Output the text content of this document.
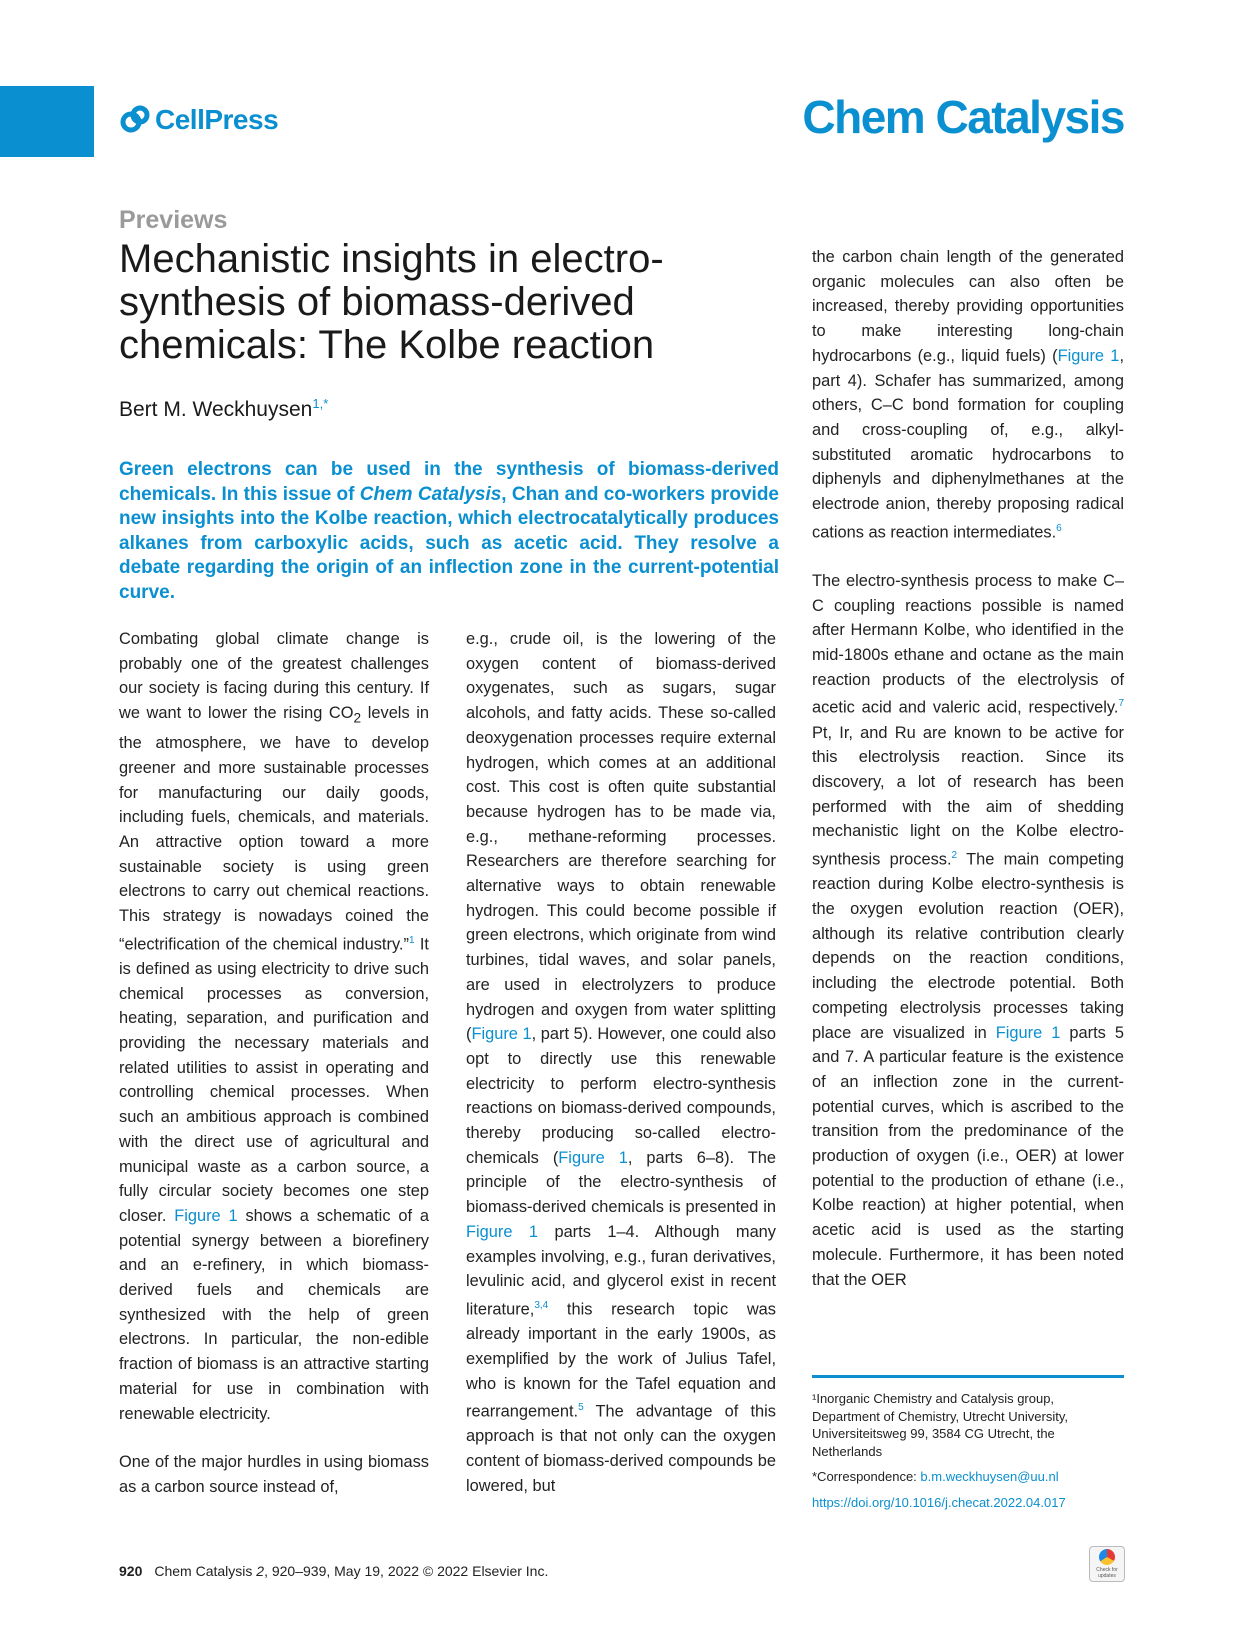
CellPress	Chem Catalysis
Previews
Mechanistic insights in electro-synthesis of biomass-derived chemicals: The Kolbe reaction
Bert M. Weckhuysen$^{1,*}$

Green electrons can be used in the synthesis of biomass-derived chemicals. In this issue of Chem Catalysis, Chan and co-workers provide new insights into the Kolbe reaction, which electrocatalytically produces alkanes from carboxylic acids, such as acetic acid. They resolve a debate regarding the origin of an inflection zone in the current-potential curve.

Combating global climate change is probably one of the greatest challenges our society is facing during this century. If we want to lower the rising $CO_2$ levels in the atmosphere, we have to develop greener and more sustainable processes for manufacturing our daily goods, including fuels, chemicals, and materials. An attractive option toward a more sustainable society is using green electrons to carry out chemical reactions. This strategy is nowadays coined the “electrification of the chemical industry.”$^1$ It is defined as using electricity to drive such chemical processes as conversion, heating, separation, and purification and providing the necessary materials and related utilities to assist in operating and controlling chemical processes. When such an ambitious approach is combined with the direct use of agricultural and municipal waste as a carbon source, a fully circular society becomes one step closer. Figure 1 shows a schematic of a potential synergy between a biorefinery and an e-refinery, in which biomass-derived fuels and chemicals are synthesized with the help of green electrons. In particular, the non-edible fraction of biomass is an attractive starting material for use in combination with renewable electricity.

One of the major hurdles in using biomass as a carbon source instead of,

e.g., crude oil, is the lowering of the oxygen content of biomass-derived oxygenates, such as sugars, sugar alcohols, and fatty acids. These so-called deoxygenation processes require external hydrogen, which comes at an additional cost. This cost is often quite substantial because hydrogen has to be made via, e.g., methane-reforming processes. Researchers are therefore searching for alternative ways to obtain renewable hydrogen. This could become possible if green electrons, which originate from wind turbines, tidal waves, and solar panels, are used in electrolyzers to produce hydrogen and oxygen from water splitting (Figure 1, part 5). However, one could also opt to directly use this renewable electricity to perform electro-synthesis reactions on biomass-derived compounds, thereby producing so-called electro-chemicals (Figure 1, parts 6–8). The principle of the electro-synthesis of biomass-derived chemicals is presented in Figure 1 parts 1–4. Although many examples involving, e.g., furan derivatives, levulinic acid, and glycerol exist in recent literature,$^{3,4}$ this research topic was already important in the early 1900s, as exemplified by the work of Julius Tafel, who is known for the Tafel equation and rearrangement.$^5$ The advantage of this approach is that not only can the oxygen content of biomass-derived compounds be lowered, but

the carbon chain length of the generated organic molecules can also often be increased, thereby providing opportunities to make interesting long-chain hydrocarbons (e.g., liquid fuels) (Figure 1, part 4). Schafer has summarized, among others, C–C bond formation for coupling and cross-coupling of, e.g., alkyl-substituted aromatic hydrocarbons to diphenyls and diphenylmethanes at the electrode anion, thereby proposing radical cations as reaction intermediates.$^6$

The electro-synthesis process to make C–C coupling reactions possible is named after Hermann Kolbe, who identified in the mid-1800s ethane and octane as the main reaction products of the electrolysis of acetic acid and valeric acid, respectively.$^7$ Pt, Ir, and Ru are known to be active for this electrolysis reaction. Since its discovery, a lot of research has been performed with the aim of shedding mechanistic light on the Kolbe electro-synthesis process.$^2$ The main competing reaction during Kolbe electro-synthesis is the oxygen evolution reaction (OER), although its relative contribution clearly depends on the reaction conditions, including the electrode potential. Both competing electrolysis processes taking place are visualized in Figure 1 parts 5 and 7. A particular feature is the existence of an inflection zone in the current-potential curves, which is ascribed to the transition from the predominance of the production of oxygen (i.e., OER) at lower potential to the production of ethane (i.e., Kolbe reaction) at higher potential, when acetic acid is used as the starting molecule. Furthermore, it has been noted that the OER

¹Inorganic Chemistry and Catalysis group, Department of Chemistry, Utrecht University, Universiteitsweg 99, 3584 CG Utrecht, the Netherlands

*Correspondence: b.m.weckhuysen@uu.nl

https://doi.org/10.1016/j.checat.2022.04.017

920 Chem Catalysis 2, 920–939, May 19, 2022 © 2022 Elsevier Inc.	Check for updates
